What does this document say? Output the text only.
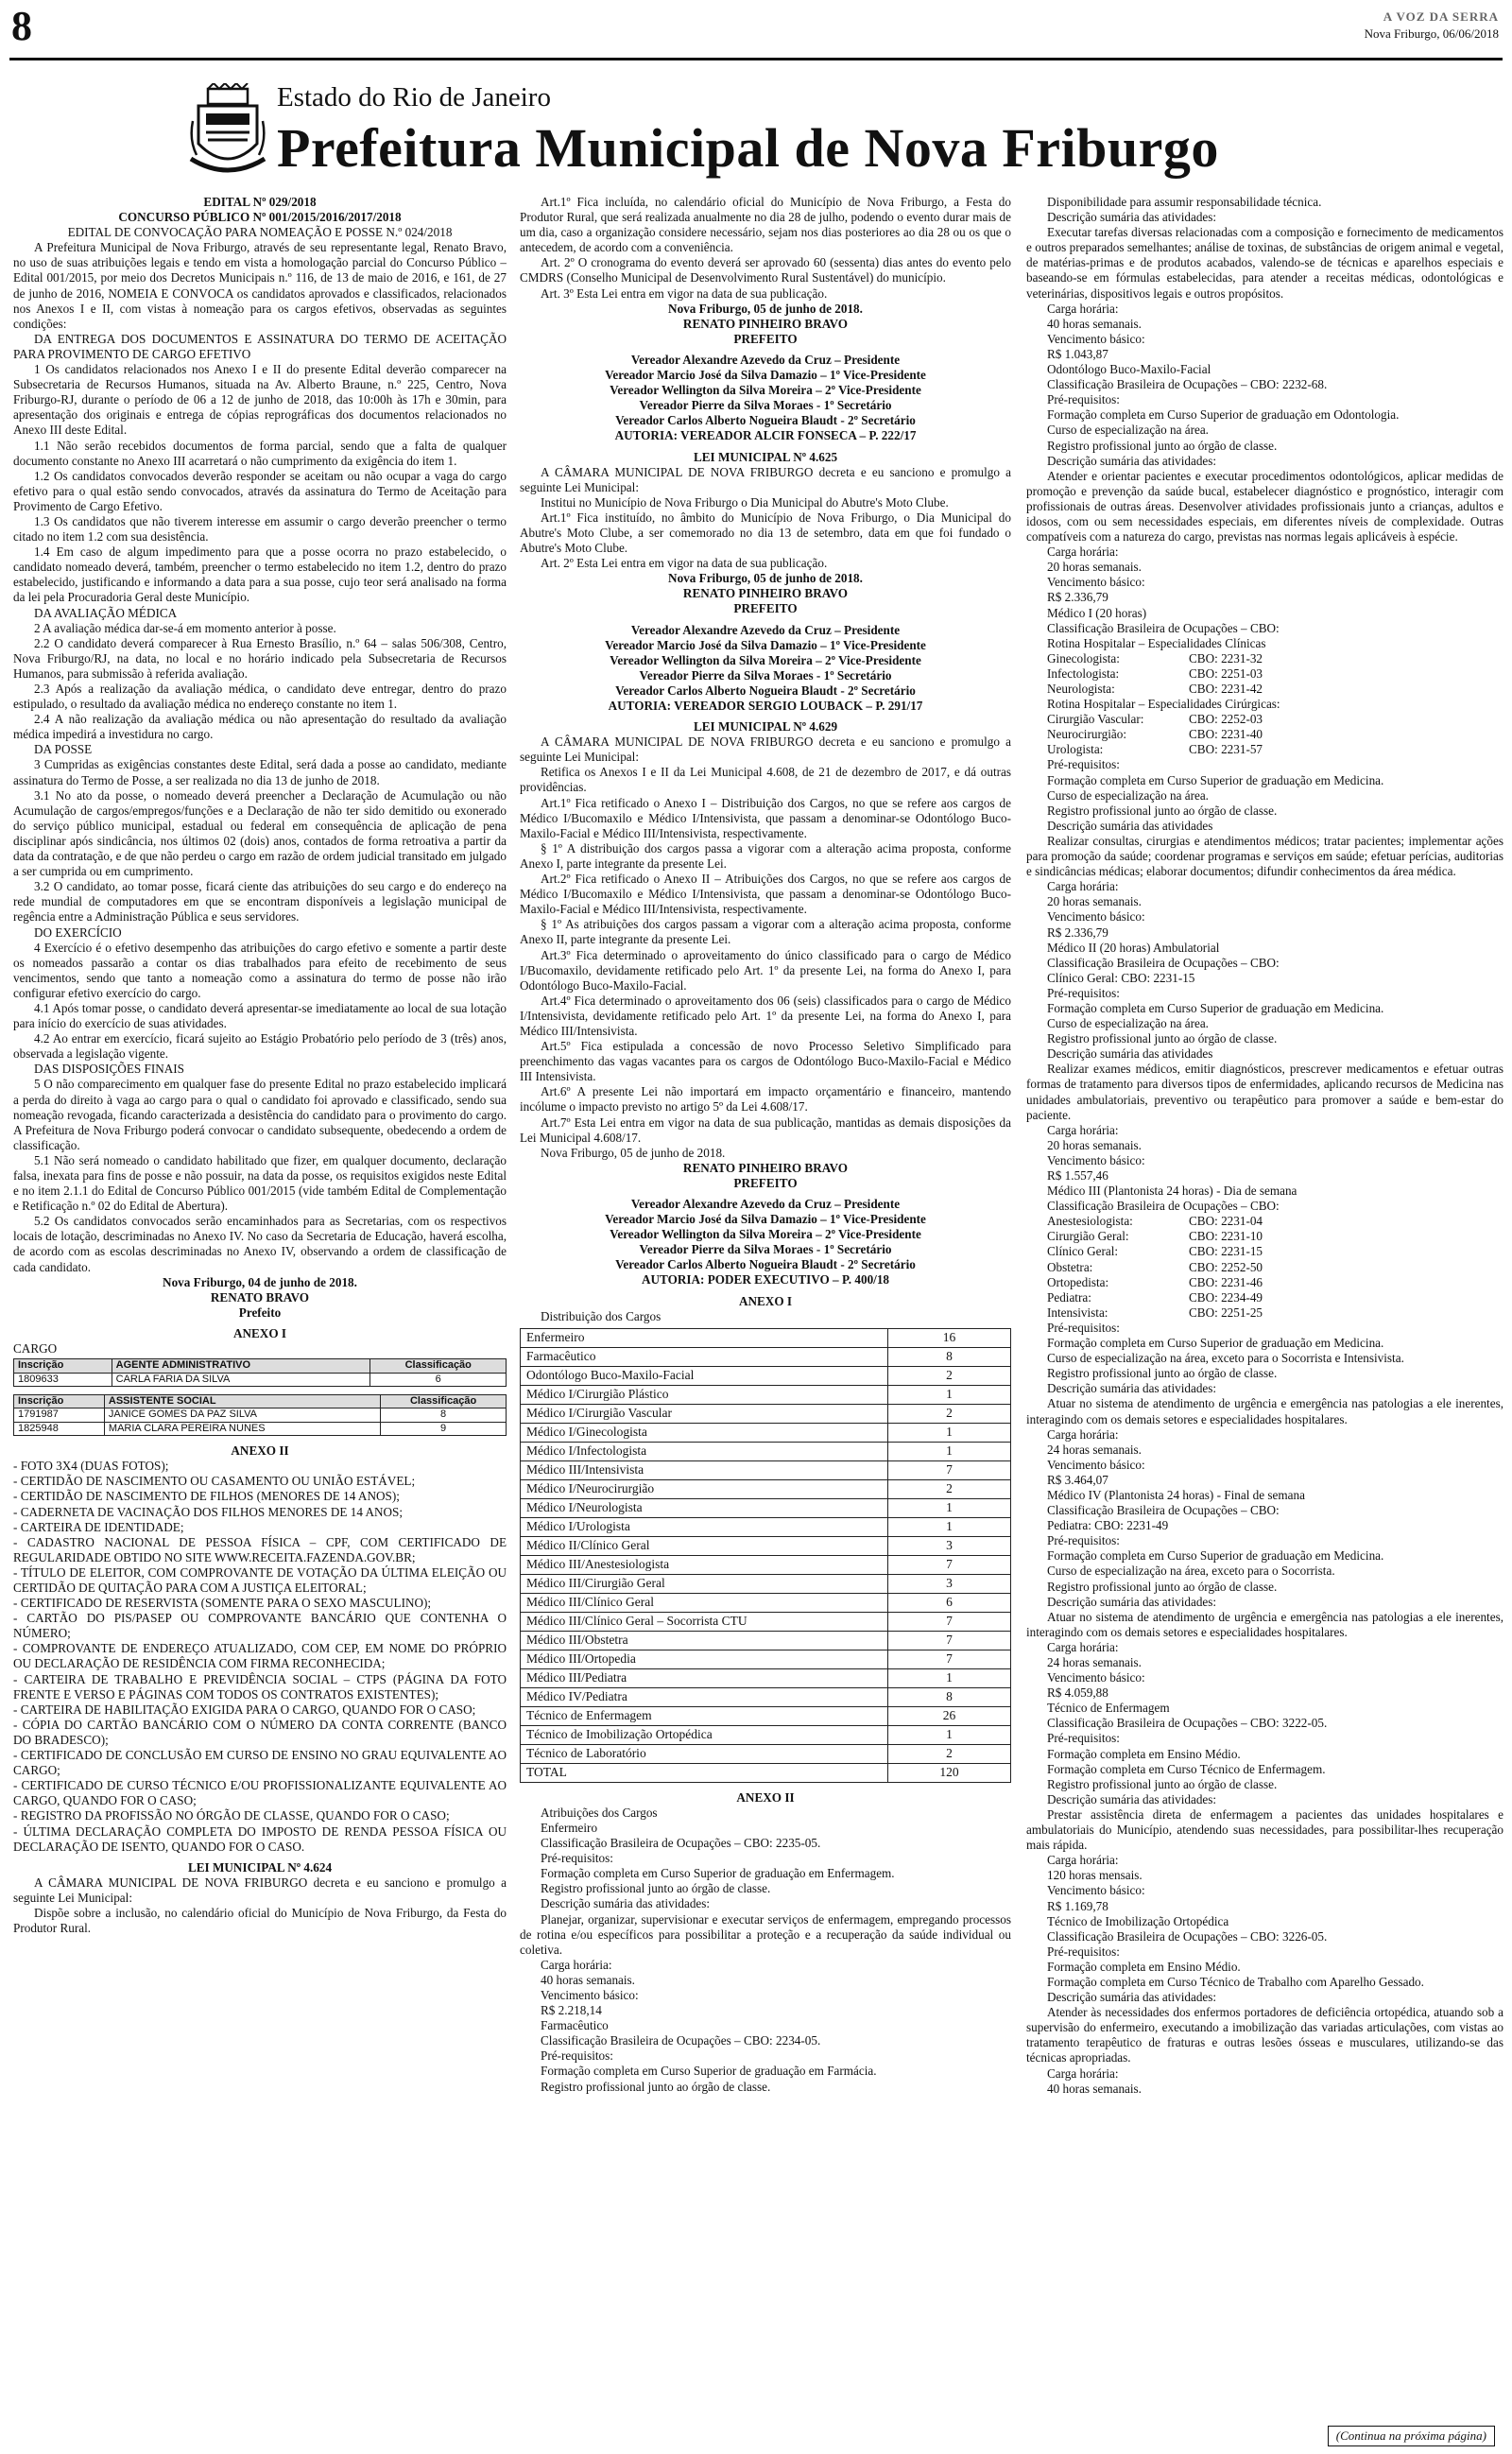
8	A VOZ DA SERRA
Nova Friburgo, 06/06/2018
Estado do Rio de Janeiro
Prefeitura Municipal de Nova Friburgo

EDITAL Nº 029/2018

CONCURSO PÚBLICO Nº 001/2015/2016/2017/2018

EDITAL DE CONVOCAÇÃO PARA NOMEAÇÃO E POSSE N.º 024/2018

A Prefeitura Municipal de Nova Friburgo, através de seu representante legal, Renato Bravo, no uso de suas atribuições legais e tendo em vista a homologação parcial do Concurso Público – Edital 001/2015, por meio dos Decretos Municipais n.º 116, de 13 de maio de 2016, e 161, de 27 de junho de 2016, NOMEIA E CONVOCA os candidatos aprovados e classificados, relacionados nos Anexos I e II, com vistas à nomeação para os cargos efetivos, observadas as seguintes condições:

DA ENTREGA DOS DOCUMENTOS E ASSINATURA DO TERMO DE ACEITAÇÃO PARA PROVIMENTO DE CARGO EFETIVO

1 Os candidatos relacionados nos Anexo I e II do presente Edital deverão comparecer na Subsecretaria de Recursos Humanos, situada na Av. Alberto Braune, n.º 225, Centro, Nova Friburgo-RJ, durante o período de 06 a 12 de junho de 2018, das 10:00h às 17h e 30min, para apresentação dos originais e entrega de cópias reprográficas dos documentos relacionados no Anexo III deste Edital.

1.1 Não serão recebidos documentos de forma parcial, sendo que a falta de qualquer documento constante no Anexo III acarretará o não cumprimento da exigência do item 1.

1.2 Os candidatos convocados deverão responder se aceitam ou não ocupar a vaga do cargo efetivo para o qual estão sendo convocados, através da assinatura do Termo de Aceitação para Provimento de Cargo Efetivo.

1.3 Os candidatos que não tiverem interesse em assumir o cargo deverão preencher o termo citado no item 1.2 com sua desistência.

1.4 Em caso de algum impedimento para que a posse ocorra no prazo estabelecido, o candidato nomeado deverá, também, preencher o termo estabelecido no item 1.2, dentro do prazo estabelecido, justificando e informando a data para a sua posse, cujo teor será analisado na forma da lei pela Procuradoria Geral deste Município.

DA AVALIAÇÃO MÉDICA

2 A avaliação médica dar-se-á em momento anterior à posse.

2.2 O candidato deverá comparecer à Rua Ernesto Brasílio, n.º 64 – salas 506/308, Centro, Nova Friburgo/RJ, na data, no local e no horário indicado pela Subsecretaria de Recursos Humanos, para submissão à referida avaliação.

2.3 Após a realização da avaliação médica, o candidato deve entregar, dentro do prazo estipulado, o resultado da avaliação médica no endereço constante no item 1.

2.4 A não realização da avaliação médica ou não apresentação do resultado da avaliação médica impedirá a investidura no cargo.

DA POSSE

3 Cumpridas as exigências constantes deste Edital, será dada a posse ao candidato, mediante assinatura do Termo de Posse, a ser realizada no dia 13 de junho de 2018.

3.1 No ato da posse, o nomeado deverá preencher a Declaração de Acumulação ou não Acumulação de cargos/empregos/funções e a Declaração de não ter sido demitido ou exonerado do serviço público municipal, estadual ou federal em consequência de aplicação de pena disciplinar após sindicância, nos últimos 02 (dois) anos, contados de forma retroativa a partir da data da contratação, e de que não perdeu o cargo em razão de ordem judicial transitado em julgado a ser cumprida ou em cumprimento.

3.2 O candidato, ao tomar posse, ficará ciente das atribuições do seu cargo e do endereço na rede mundial de computadores em que se encontram disponíveis a legislação municipal de regência entre a Administração Pública e seus servidores.

DO EXERCÍCIO

4 Exercício é o efetivo desempenho das atribuições do cargo efetivo e somente a partir deste os nomeados passarão a contar os dias trabalhados para efeito de recebimento de seus vencimentos, sendo que tanto a nomeação como a assinatura do termo de posse não irão configurar efetivo exercício do cargo.

4.1 Após tomar posse, o candidato deverá apresentar-se imediatamente ao local de sua lotação para início do exercício de suas atividades.

4.2 Ao entrar em exercício, ficará sujeito ao Estágio Probatório pelo período de 3 (três) anos, observada a legislação vigente.

DAS DISPOSIÇÕES FINAIS

5 O não comparecimento em qualquer fase do presente Edital no prazo estabelecido implicará a perda do direito à vaga ao cargo para o qual o candidato foi aprovado e classificado, sendo sua nomeação revogada, ficando caracterizada a desistência do candidato para o provimento do cargo. A Prefeitura de Nova Friburgo poderá convocar o candidato subsequente, obedecendo a ordem de classificação.

5.1 Não será nomeado o candidato habilitado que fizer, em qualquer documento, declaração falsa, inexata para fins de posse e não possuir, na data da posse, os requisitos exigidos neste Edital e no item 2.1.1 do Edital de Concurso Público 001/2015 (vide também Edital de Complementação e Retificação n.º 02 do Edital de Abertura).

5.2 Os candidatos convocados serão encaminhados para as Secretarias, com os respectivos locais de lotação, descriminadas no Anexo IV. No caso da Secretaria de Educação, haverá escolha, de acordo com as escolas descriminadas no Anexo IV, observando a ordem de classificação de cada candidato.

Nova Friburgo, 04 de junho de 2018.

RENATO BRAVO

Prefeito

ANEXO I

CARGO

Inscrição	AGENTE ADMINISTRATIVO	Classificação
1809633	CARLA FARIA DA SILVA	6
Inscrição	ASSISTENTE SOCIAL	Classificação
1791987	JANICE GOMES DA PAZ SILVA	8
1825948	MARIA CLARA PEREIRA NUNES	9

ANEXO II

- FOTO 3X4 (DUAS FOTOS);

- CERTIDÃO DE NASCIMENTO OU CASAMENTO OU UNIÃO ESTÁVEL;

- CERTIDÃO DE NASCIMENTO DE FILHOS (MENORES DE 14 ANOS);

- CADERNETA DE VACINAÇÃO DOS FILHOS MENORES DE 14 ANOS;

- CARTEIRA DE IDENTIDADE;

- CADASTRO NACIONAL DE PESSOA FÍSICA – CPF, COM CERTIFICADO DE REGULARIDADE OBTIDO NO SITE WWW.RECEITA.FAZENDA.GOV.BR;

- TÍTULO DE ELEITOR, COM COMPROVANTE DE VOTAÇÃO DA ÚLTIMA ELEIÇÃO OU CERTIDÃO DE QUITAÇÃO PARA COM A JUSTIÇA ELEITORAL;

- CERTIFICADO DE RESERVISTA (SOMENTE PARA O SEXO MASCULINO);

- CARTÃO DO PIS/PASEP OU COMPROVANTE BANCÁRIO QUE CONTENHA O NÚMERO;

- COMPROVANTE DE ENDEREÇO ATUALIZADO, COM CEP, EM NOME DO PRÓPRIO OU DECLARAÇÃO DE RESIDÊNCIA COM FIRMA RECONHECIDA;

- CARTEIRA DE TRABALHO E PREVIDÊNCIA SOCIAL – CTPS (PÁGINA DA FOTO FRENTE E VERSO E PÁGINAS COM TODOS OS CONTRATOS EXISTENTES);

- CARTEIRA DE HABILITAÇÃO EXIGIDA PARA O CARGO, QUANDO FOR O CASO;

- CÓPIA DO CARTÃO BANCÁRIO COM O NÚMERO DA CONTA CORRENTE (BANCO DO BRADESCO);

- CERTIFICADO DE CONCLUSÃO EM CURSO DE ENSINO NO GRAU EQUIVALENTE AO CARGO;

- CERTIFICADO DE CURSO TÉCNICO E/OU PROFISSIONALIZANTE EQUIVALENTE AO CARGO, QUANDO FOR O CASO;

- REGISTRO DA PROFISSÃO NO ÓRGÃO DE CLASSE, QUANDO FOR O CASO;

- ÚLTIMA DECLARAÇÃO COMPLETA DO IMPOSTO DE RENDA PESSOA FÍSICA OU DECLARAÇÃO DE ISENTO, QUANDO FOR O CASO.

LEI MUNICIPAL Nº 4.624

A CÂMARA MUNICIPAL DE NOVA FRIBURGO decreta e eu sanciono e promulgo a seguinte Lei Municipal:

Dispõe sobre a inclusão, no calendário oficial do Município de Nova Friburgo, da Festa do Produtor Rural.

Art.1º Fica incluída, no calendário oficial do Município de Nova Friburgo, a Festa do Produtor Rural, que será realizada anualmente no dia 28 de julho, podendo o evento durar mais de um dia, caso a organização considere necessário, sejam nos dias posteriores ao dia 28 ou os que o antecedem, de acordo com a conveniência.

Art. 2º O cronograma do evento deverá ser aprovado 60 (sessenta) dias antes do evento pelo CMDRS (Conselho Municipal de Desenvolvimento Rural Sustentável) do município.

Art. 3º Esta Lei entra em vigor na data de sua publicação.

Nova Friburgo, 05 de junho de 2018.

RENATO PINHEIRO BRAVO

PREFEITO

Vereador Alexandre Azevedo da Cruz – Presidente

Vereador Marcio José da Silva Damazio – 1º Vice-Presidente

Vereador Wellington da Silva Moreira – 2º Vice-Presidente

Vereador Pierre da Silva Moraes - 1º Secretário

Vereador Carlos Alberto Nogueira Blaudt - 2º Secretário

AUTORIA: VEREADOR ALCIR FONSECA – P. 222/17

LEI MUNICIPAL Nº 4.625

A CÂMARA MUNICIPAL DE NOVA FRIBURGO decreta e eu sanciono e promulgo a seguinte Lei Municipal:

Institui no Município de Nova Friburgo o Dia Municipal do Abutre's Moto Clube.

Art.1º Fica instituído, no âmbito do Município de Nova Friburgo, o Dia Municipal do Abutre's Moto Clube, a ser comemorado no dia 13 de setembro, data em que foi fundado o Abutre's Moto Clube.

Art. 2º Esta Lei entra em vigor na data de sua publicação.

Nova Friburgo, 05 de junho de 2018.

RENATO PINHEIRO BRAVO

PREFEITO

Vereador Alexandre Azevedo da Cruz – Presidente

Vereador Marcio José da Silva Damazio – 1º Vice-Presidente

Vereador Wellington da Silva Moreira – 2º Vice-Presidente

Vereador Pierre da Silva Moraes - 1º Secretário

Vereador Carlos Alberto Nogueira Blaudt - 2º Secretário

AUTORIA: VEREADOR SERGIO LOUBACK – P. 291/17

LEI MUNICIPAL Nº 4.629

A CÂMARA MUNICIPAL DE NOVA FRIBURGO decreta e eu sanciono e promulgo a seguinte Lei Municipal:

Retifica os Anexos I e II da Lei Municipal 4.608, de 21 de dezembro de 2017, e dá outras providências.

Art.1º Fica retificado o Anexo I – Distribuição dos Cargos, no que se refere aos cargos de Médico I/Bucomaxilo e Médico I/Intensivista, que passam a denominar-se Odontólogo Buco-Maxilo-Facial e Médico III/Intensivista, respectivamente.

§ 1º A distribuição dos cargos passa a vigorar com a alteração acima proposta, conforme Anexo I, parte integrante da presente Lei.

Art.2º Fica retificado o Anexo II – Atribuições dos Cargos, no que se refere aos cargos de Médico I/Bucomaxilo e Médico I/Intensivista, que passam a denominar-se Odontólogo Buco-Maxilo-Facial e Médico III/Intensivista, respectivamente.

§ 1º As atribuições dos cargos passam a vigorar com a alteração acima proposta, conforme Anexo II, parte integrante da presente Lei.

Art.3º Fica determinado o aproveitamento do único classificado para o cargo de Médico I/Bucomaxilo, devidamente retificado pelo Art. 1º da presente Lei, na forma do Anexo I, para Odontólogo Buco-Maxilo-Facial.

Art.4º Fica determinado o aproveitamento dos 06 (seis) classificados para o cargo de Médico I/Intensivista, devidamente retificado pelo Art. 1º da presente Lei, na forma do Anexo I, para Médico III/Intensivista.

Art.5º Fica estipulada a concessão de novo Processo Seletivo Simplificado para preenchimento das vagas vacantes para os cargos de Odontólogo Buco-Maxilo-Facial e Médico III Intensivista.

Art.6º A presente Lei não importará em impacto orçamentário e financeiro, mantendo incólume o impacto previsto no artigo 5º da Lei 4.608/17.

Art.7º Esta Lei entra em vigor na data de sua publicação, mantidas as demais disposições da Lei Municipal 4.608/17.

Nova Friburgo, 05 de junho de 2018.

RENATO PINHEIRO BRAVO

PREFEITO

Vereador Alexandre Azevedo da Cruz – Presidente

Vereador Marcio José da Silva Damazio – 1º Vice-Presidente

Vereador Wellington da Silva Moreira – 2º Vice-Presidente

Vereador Pierre da Silva Moraes - 1º Secretário

Vereador Carlos Alberto Nogueira Blaudt - 2º Secretário

AUTORIA: PODER EXECUTIVO – P. 400/18

ANEXO I

Distribuição dos Cargos

Enfermeiro	16
Farmacêutico	8
Odontólogo Buco-Maxilo-Facial	2
Médico I/Cirurgião Plástico	1
Médico I/Cirurgião Vascular	2
Médico I/Ginecologista	1
Médico I/Infectologista	1
Médico III/Intensivista	7
Médico I/Neurocirurgião	2
Médico I/Neurologista	1
Médico I/Urologista	1
Médico II/Clínico Geral	3
Médico III/Anestesiologista	7
Médico III/Cirurgião Geral	3
Médico III/Clínico Geral	6
Médico III/Clínico Geral – Socorrista CTU	7
Médico III/Obstetra	7
Médico III/Ortopedia	7
Médico III/Pediatra	1
Médico IV/Pediatra	8
Técnico de Enfermagem	26
Técnico de Imobilização Ortopédica	1
Técnico de Laboratório	2
TOTAL	120

ANEXO II

Atribuições dos Cargos

Enfermeiro

Classificação Brasileira de Ocupações – CBO: 2235-05.

Pré-requisitos:

Formação completa em Curso Superior de graduação em Enfermagem.

Registro profissional junto ao órgão de classe.

Descrição sumária das atividades:

Planejar, organizar, supervisionar e executar serviços de enfermagem, empregando processos de rotina e/ou específicos para possibilitar a proteção e a recuperação da saúde individual ou coletiva.

Carga horária:

40 horas semanais.

Vencimento básico:

R$ 2.218,14

Farmacêutico

Classificação Brasileira de Ocupações – CBO: 2234-05.

Pré-requisitos:

Formação completa em Curso Superior de graduação em Farmácia.

Registro profissional junto ao órgão de classe.

Disponibilidade para assumir responsabilidade técnica.

Descrição sumária das atividades:

Executar tarefas diversas relacionadas com a composição e fornecimento de medicamentos e outros preparados semelhantes; análise de toxinas, de substâncias de origem animal e vegetal, de matérias-primas e de produtos acabados, valendo-se de técnicas e aparelhos especiais e baseando-se em fórmulas estabelecidas, para atender a receitas médicas, odontológicas e veterinárias, dispositivos legais e outros propósitos.

Carga horária:

40 horas semanais.

Vencimento básico:

R$ 1.043,87

Odontólogo Buco-Maxilo-Facial

Classificação Brasileira de Ocupações – CBO: 2232-68.

Pré-requisitos:

Formação completa em Curso Superior de graduação em Odontologia.

Curso de especialização na área.

Registro profissional junto ao órgão de classe.

Descrição sumária das atividades:

Atender e orientar pacientes e executar procedimentos odontológicos, aplicar medidas de promoção e prevenção da saúde bucal, estabelecer diagnóstico e prognóstico, interagir com profissionais de outras áreas. Desenvolver atividades profissionais junto a crianças, adultos e idosos, com ou sem necessidades especiais, em diferentes níveis de complexidade. Outras compatíveis com a natureza do cargo, previstas nas normas legais aplicáveis à espécie.

Carga horária:

20 horas semanais.

Vencimento básico:

R$ 2.336,79

Médico I (20 horas)

Classificação Brasileira de Ocupações – CBO:

Rotina Hospitalar – Especialidades Clínicas

Ginecologista:	CBO: 2231-32
Infectologista:	CBO: 2251-03
Neurologista:	CBO: 2231-42

Rotina Hospitalar – Especialidades Cirúrgicas:

Cirurgião Vascular:	CBO: 2252-03
Neurocirurgião:	CBO: 2231-40
Urologista:	CBO: 2231-57

Pré-requisitos:

Formação completa em Curso Superior de graduação em Medicina.

Curso de especialização na área.

Registro profissional junto ao órgão de classe.

Descrição sumária das atividades

Realizar consultas, cirurgias e atendimentos médicos; tratar pacientes; implementar ações para promoção da saúde; coordenar programas e serviços em saúde; efetuar perícias, auditorias e sindicâncias médicas; elaborar documentos; difundir conhecimentos da área médica.

Carga horária:

20 horas semanais.

Vencimento básico:

R$ 2.336,79

Médico II (20 horas) Ambulatorial

Classificação Brasileira de Ocupações – CBO:

Clínico Geral: CBO: 2231-15

Pré-requisitos:

Formação completa em Curso Superior de graduação em Medicina.

Curso de especialização na área.

Registro profissional junto ao órgão de classe.

Descrição sumária das atividades

Realizar exames médicos, emitir diagnósticos, prescrever medicamentos e efetuar outras formas de tratamento para diversos tipos de enfermidades, aplicando recursos de Medicina nas unidades ambulatoriais, preventivo ou terapêutico para promover a saúde e bem-estar do paciente.

Carga horária:

20 horas semanais.

Vencimento básico:

R$ 1.557,46

Médico III (Plantonista 24 horas) - Dia de semana

Classificação Brasileira de Ocupações – CBO:

Anestesiologista:	CBO: 2231-04
Cirurgião Geral:	CBO: 2231-10
Clínico Geral:	CBO: 2231-15
Obstetra:	CBO: 2252-50
Ortopedista:	CBO: 2231-46
Pediatra:	CBO: 2234-49
Intensivista:	CBO: 2251-25

Pré-requisitos:

Formação completa em Curso Superior de graduação em Medicina.

Curso de especialização na área, exceto para o Socorrista e Intensivista.

Registro profissional junto ao órgão de classe.

Descrição sumária das atividades:

Atuar no sistema de atendimento de urgência e emergência nas patologias a ele inerentes, interagindo com os demais setores e especialidades hospitalares.

Carga horária:

24 horas semanais.

Vencimento básico:

R$ 3.464,07

Médico IV (Plantonista 24 horas) - Final de semana

Classificação Brasileira de Ocupações – CBO:

Pediatra: CBO: 2231-49

Pré-requisitos:

Formação completa em Curso Superior de graduação em Medicina.

Curso de especialização na área, exceto para o Socorrista.

Registro profissional junto ao órgão de classe.

Descrição sumária das atividades:

Atuar no sistema de atendimento de urgência e emergência nas patologias a ele inerentes, interagindo com os demais setores e especialidades hospitalares.

Carga horária:

24 horas semanais.

Vencimento básico:

R$ 4.059,88

Técnico de Enfermagem

Classificação Brasileira de Ocupações – CBO: 3222-05.

Pré-requisitos:

Formação completa em Ensino Médio.

Formação completa em Curso Técnico de Enfermagem.

Registro profissional junto ao órgão de classe.

Descrição sumária das atividades:

Prestar assistência direta de enfermagem a pacientes das unidades hospitalares e ambulatoriais do Município, atendendo suas necessidades, para possibilitar-lhes recuperação mais rápida.

Carga horária:

120 horas mensais.

Vencimento básico:

R$ 1.169,78

Técnico de Imobilização Ortopédica

Classificação Brasileira de Ocupações – CBO: 3226-05.

Pré-requisitos:

Formação completa em Ensino Médio.

Formação completa em Curso Técnico de Trabalho com Aparelho Gessado.

Descrição sumária das atividades:

Atender às necessidades dos enfermos portadores de deficiência ortopédica, atuando sob a supervisão do enfermeiro, executando a imobilização das variadas articulações, com vistas ao tratamento terapêutico de fraturas e outras lesões ósseas e musculares, utilizando-se das técnicas apropriadas.

Carga horária:

40 horas semanais.

(Continua na próxima página)
